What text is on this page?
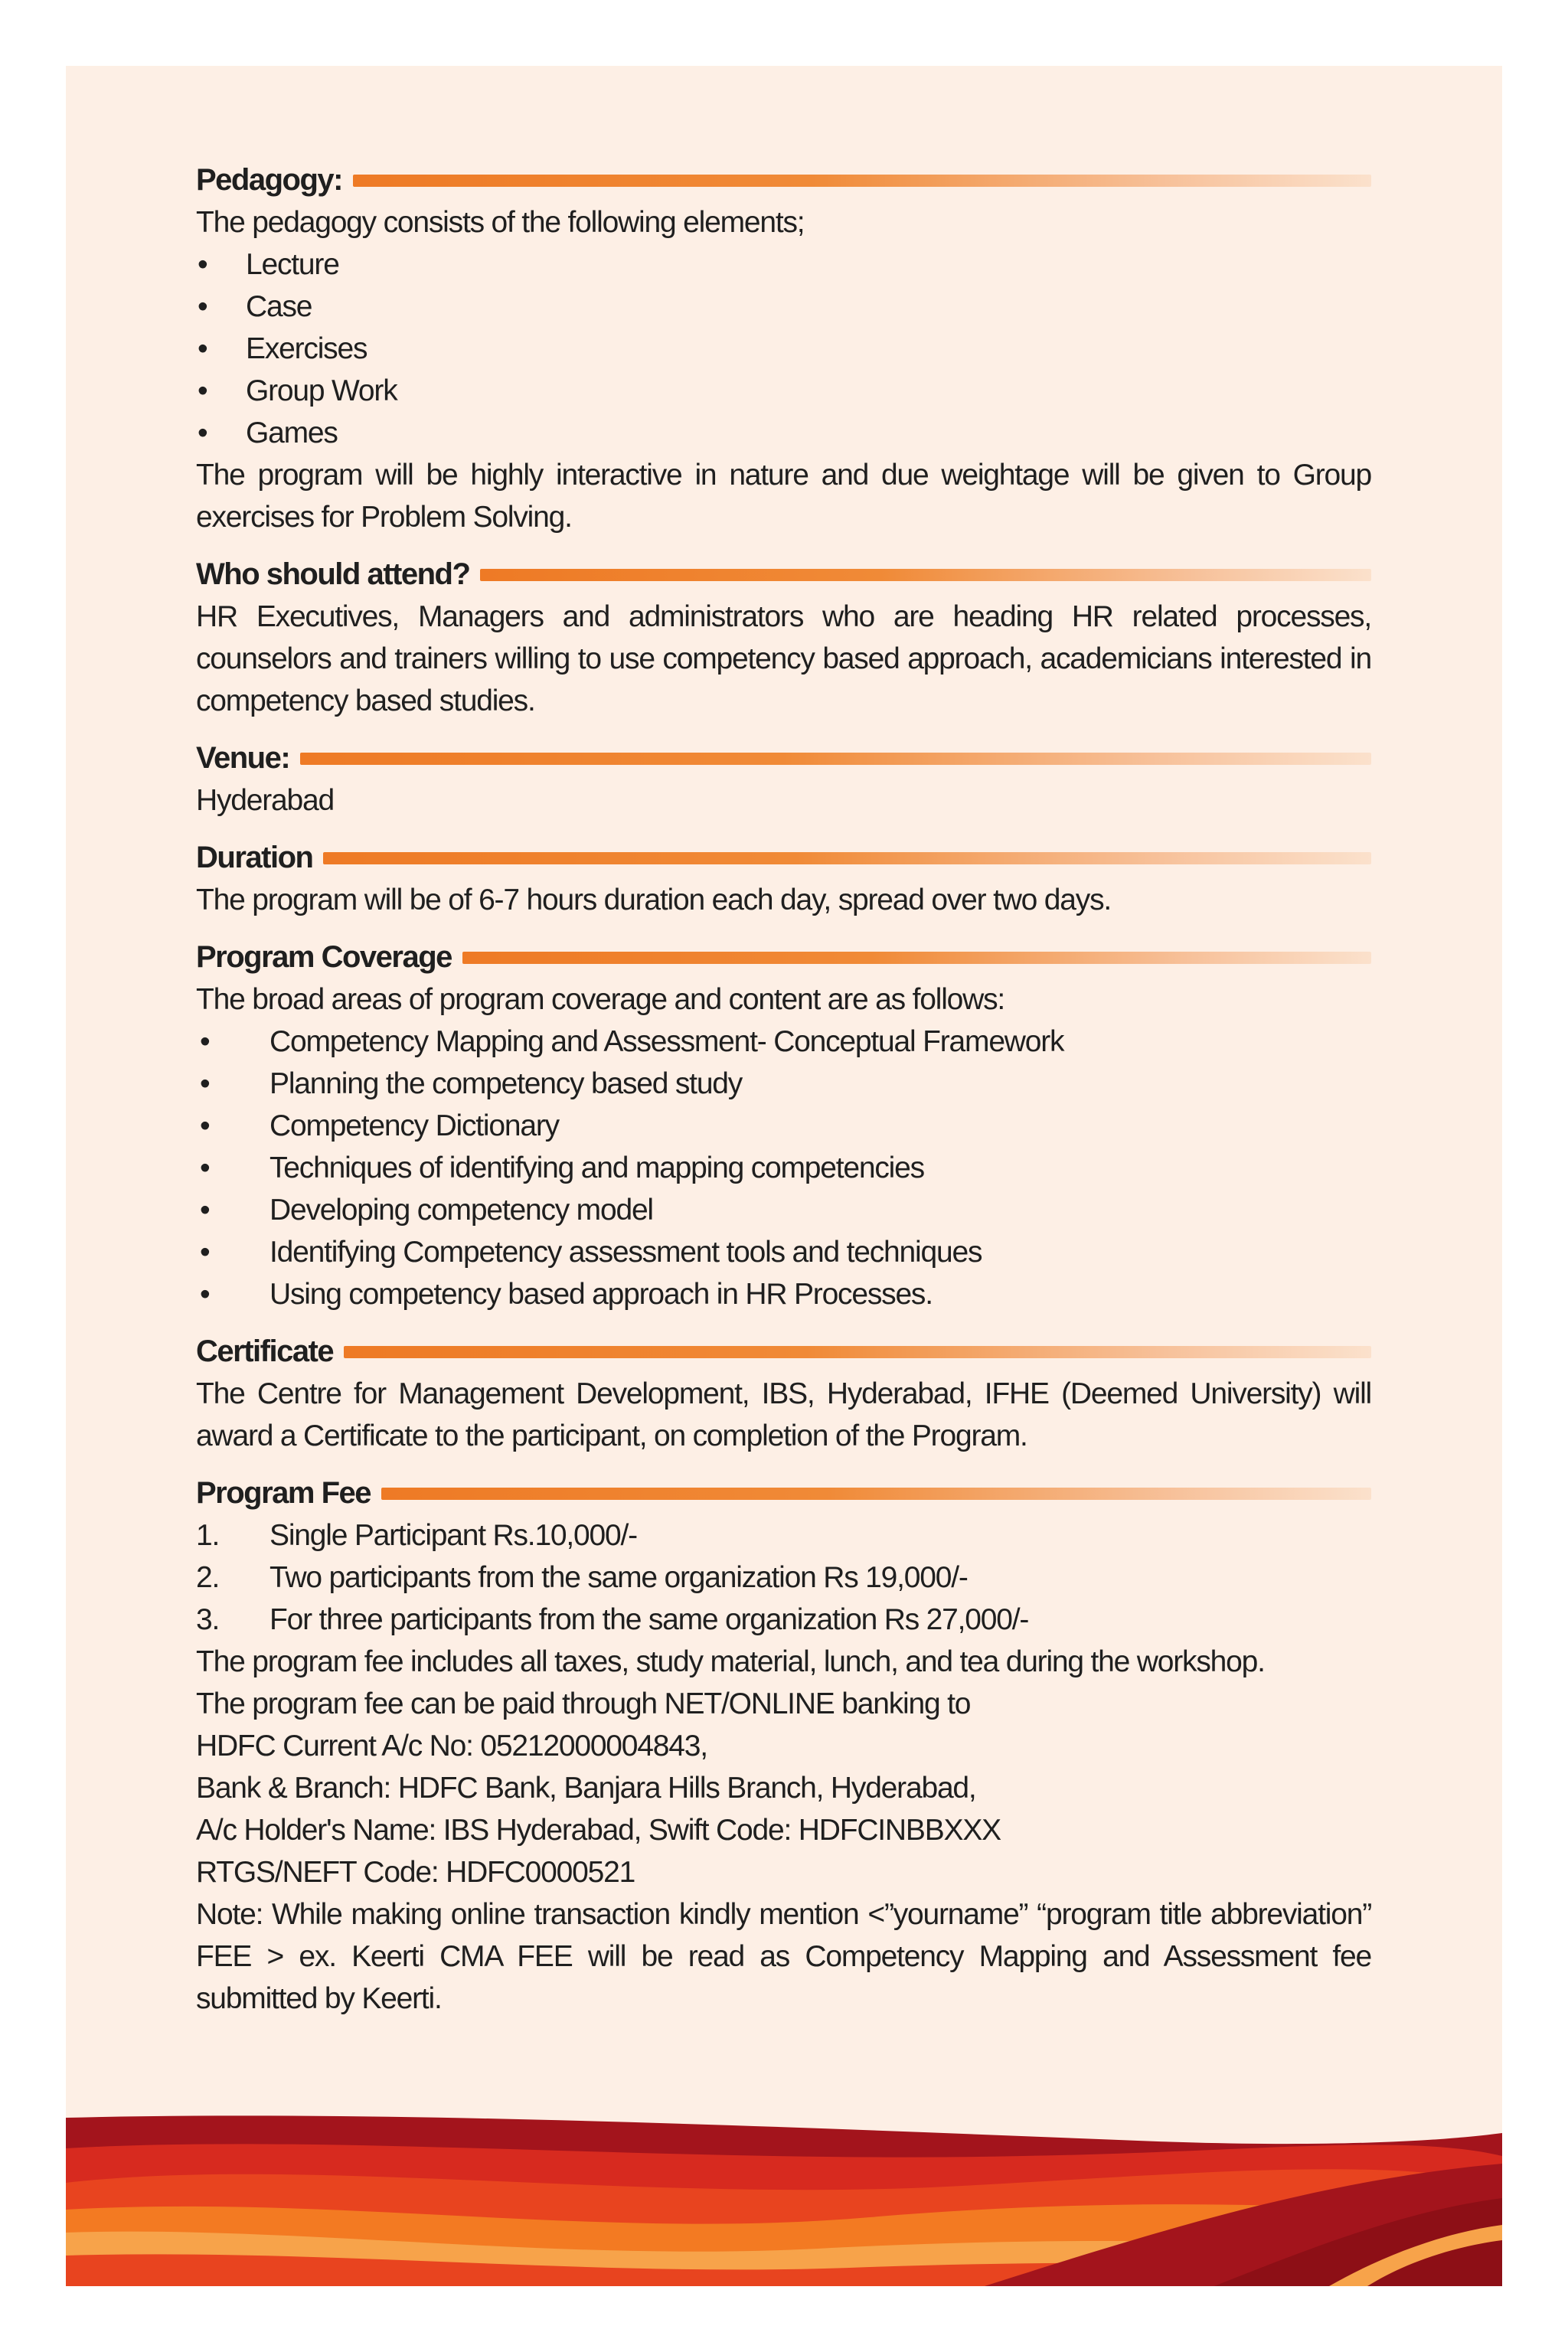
Pedagogy:

The pedagogy consists of the following elements;

• Lecture
• Case
• Exercises
• Group Work
• Games

The program will be highly interactive in nature and due weightage will be given to Group exercises for Problem Solving.

Who should attend?

HR Executives, Managers and administrators who are heading HR related processes, counselors and trainers willing to use competency based approach, academicians interested in competency based studies.

Venue:

Hyderabad

Duration

The program will be of 6-7 hours duration each day, spread over two days.

Program Coverage

The broad areas of program coverage and content are as follows:

• Competency Mapping and Assessment- Conceptual Framework
• Planning the competency based study
• Competency Dictionary
• Techniques of identifying and mapping competencies
• Developing competency model
• Identifying Competency assessment tools and techniques
• Using competency based approach in HR Processes.
Certificate

The Centre for Management Development, IBS, Hyderabad, IFHE (Deemed University) will award a Certificate to the participant, on completion of the Program.

Program Fee
1. Single Participant Rs.10,000/-
2. Two participants from the same organization Rs 19,000/-
3. For three participants from the same organization Rs 27,000/-

The program fee includes all taxes, study material, lunch, and tea during the workshop.

The program fee can be paid through NET/ONLINE banking to

HDFC Current A/c No: 05212000004843,

Bank & Branch: HDFC Bank, Banjara Hills Branch, Hyderabad,

A/c Holder's Name: IBS Hyderabad, Swift Code: HDFCINBBXXX

RTGS/NEFT Code: HDFC0000521

Note: While making online transaction kindly mention <”yourname” “program title abbreviation” FEE > ex. Keerti CMA FEE will be read as Competency Mapping and Assessment fee submitted by Keerti.
